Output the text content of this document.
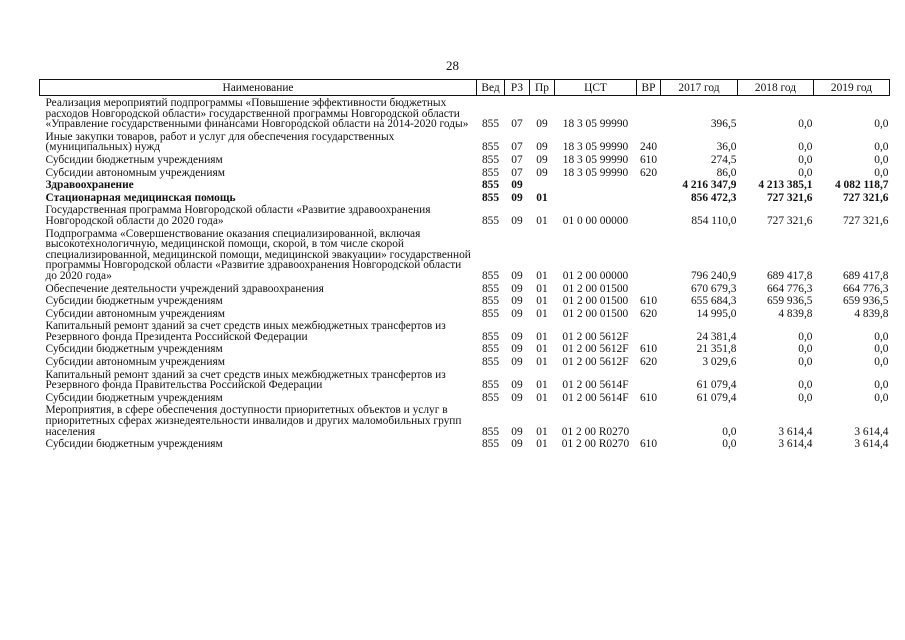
28
Наименование	Вед	РЗ	Пр	ЦСТ	ВР	2017 год	2018 год	2019 год
Реализация мероприятий подпрограммы «Повышение эффективности бюджетных расходов Новгородской области» государственной программы Новгородской области «Управление государственными финансами Новгородской области на 2014-2020 годы»	855	07	09	18 3 05 99990		396,5	0,0	0,0
Иные закупки товаров, работ и услуг для обеспечения государственных (муниципальных) нужд	855	07	09	18 3 05 99990	240	36,0	0,0	0,0
Субсидии бюджетным учреждениям	855	07	09	18 3 05 99990	610	274,5	0,0	0,0
Субсидии автономным учреждениям	855	07	09	18 3 05 99990	620	86,0	0,0	0,0
Здравоохранение	855	09				4 216 347,9	4 213 385,1	4 082 118,7
Стационарная медицинская помощь	855	09	01			856 472,3	727 321,6	727 321,6
Государственная программа Новгородской области «Развитие здравоохранения Новгородской области до 2020 года»	855	09	01	01 0 00 00000		854 110,0	727 321,6	727 321,6
Подпрограмма «Совершенствование оказания специализированной, включая высокотехнологичную, медицинской помощи, скорой, в том числе скорой специализированной, медицинской помощи, медицинской эвакуации» государственной программы Новгородской области «Развитие здравоохранения Новгородской области до 2020 года»	855	09	01	01 2 00 00000		796 240,9	689 417,8	689 417,8
Обеспечение деятельности учреждений здравоохранения	855	09	01	01 2 00 01500		670 679,3	664 776,3	664 776,3
Субсидии бюджетным учреждениям	855	09	01	01 2 00 01500	610	655 684,3	659 936,5	659 936,5
Субсидии автономным учреждениям	855	09	01	01 2 00 01500	620	14 995,0	4 839,8	4 839,8
Капитальный ремонт зданий за счет средств иных межбюджетных трансфертов из Резервного фонда Президента Российской Федерации	855	09	01	01 2 00 5612F		24 381,4	0,0	0,0
Субсидии бюджетным учреждениям	855	09	01	01 2 00 5612F	610	21 351,8	0,0	0,0
Субсидии автономным учреждениям	855	09	01	01 2 00 5612F	620	3 029,6	0,0	0,0
Капитальный ремонт зданий за счет средств иных межбюджетных трансфертов из Резервного фонда Правительства Российской Федерации	855	09	01	01 2 00 5614F		61 079,4	0,0	0,0
Субсидии бюджетным учреждениям	855	09	01	01 2 00 5614F	610	61 079,4	0,0	0,0
Мероприятия, в сфере обеспечения доступности приоритетных объектов и услуг в приоритетных сферах жизнедеятельности инвалидов и других маломобильных групп населения	855	09	01	01 2 00 R0270		0,0	3 614,4	3 614,4
Субсидии бюджетным учреждениям	855	09	01	01 2 00 R0270	610	0,0	3 614,4	3 614,4
